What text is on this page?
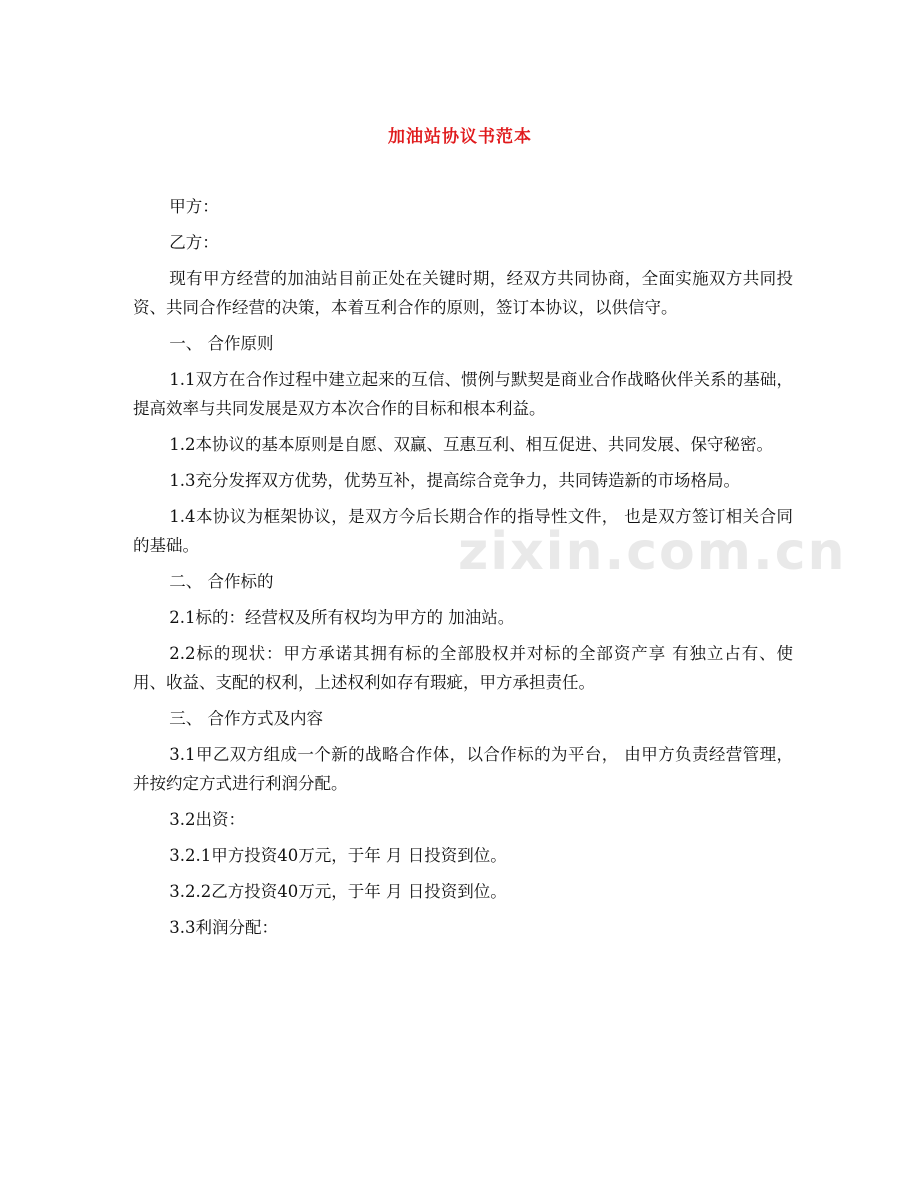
加油站协议书范本

甲方：

乙方：

现有甲方经营的加油站目前正处在关键时期，经双方共同协商，全面实施双方共同投资、共同合作经营的决策，本着互利合作的原则，签订本协议，以供信守。

一、 合作原则

1.1双方在合作过程中建立起来的互信、惯例与默契是商业合作战略伙伴关系的基础，提高效率与共同发展是双方本次合作的目标和根本利益。

1.2本协议的基本原则是自愿、双赢、互惠互利、相互促进、共同发展、保守秘密。

1.3充分发挥双方优势，优势互补，提高综合竞争力，共同铸造新的市场格局。

1.4本协议为框架协议，是双方今后长期合作的指导性文件， 也是双方签订相关合同的基础。

二、 合作标的

2.1标的：经营权及所有权均为甲方的 加油站。

2.2标的现状：甲方承诺其拥有标的全部股权并对标的全部资产享 有独立占有、使用、收益、支配的权利，上述权利如存有瑕疵，甲方承担责任。

三、 合作方式及内容

3.1甲乙双方组成一个新的战略合作体，以合作标的为平台， 由甲方负责经营管理，并按约定方式进行利润分配。

3.2出资：

3.2.1甲方投资40万元，于年 月 日投资到位。

3.2.2乙方投资40万元，于年 月 日投资到位。

3.3利润分配：

zixin.com.cn
